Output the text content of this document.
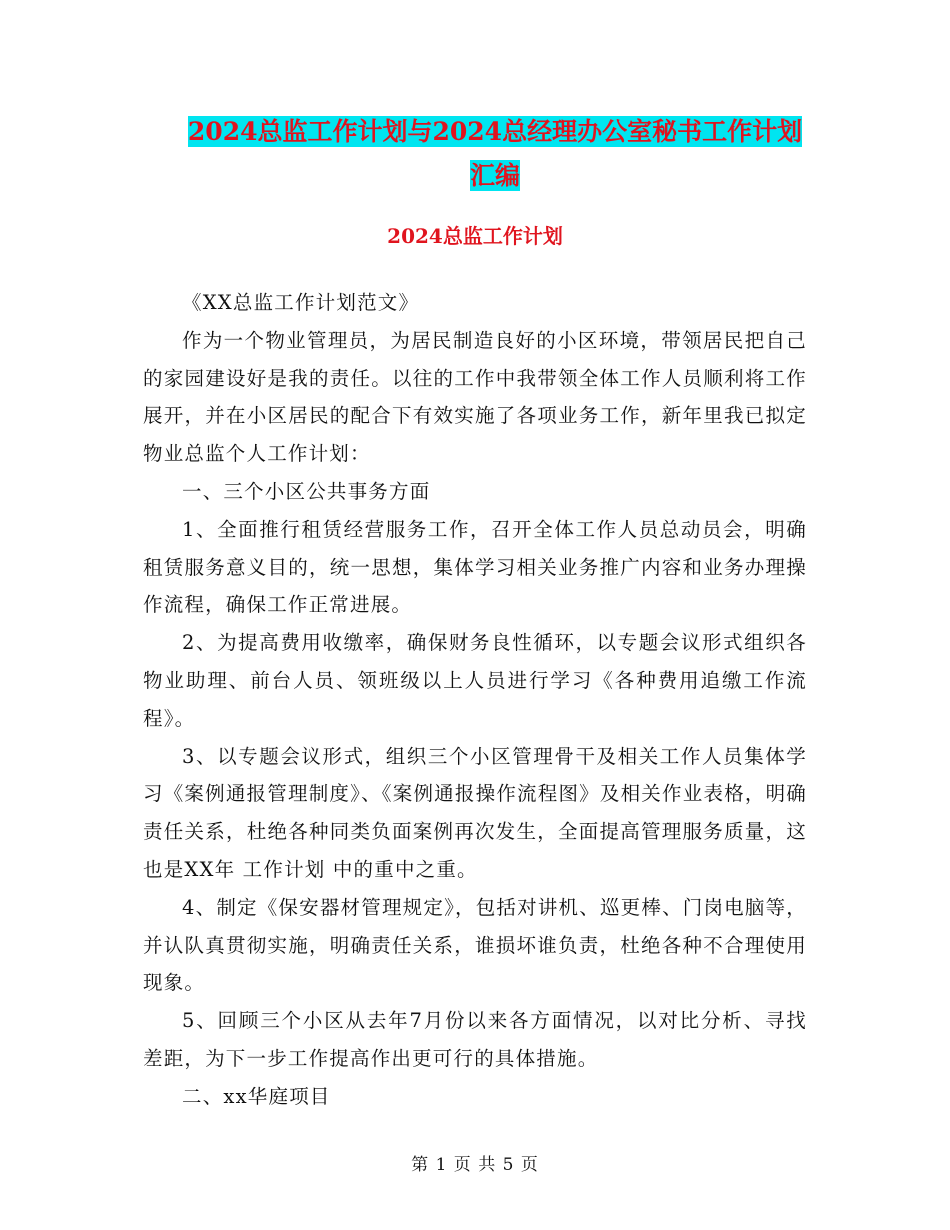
2024总监工作计划与2024总经理办公室秘书工作计划
汇编
2024总监工作计划

《XX总监工作计划范文》

作为一个物业管理员，为居民制造良好的小区环境，带领居民把自己的家园建设好是我的责任。以往的工作中我带领全体工作人员顺利将工作展开，并在小区居民的配合下有效实施了各项业务工作，新年里我已拟定物业总监个人工作计划：

一、三个小区公共事务方面

1、全面推行租赁经营服务工作，召开全体工作人员总动员会，明确租赁服务意义目的，统一思想，集体学习相关业务推广内容和业务办理操作流程，确保工作正常进展。

2、为提高费用收缴率，确保财务良性循环，以专题会议形式组织各物业助理、前台人员、领班级以上人员进行学习《各种费用追缴工作流程》。

3、以专题会议形式，组织三个小区管理骨干及相关工作人员集体学习《案例通报管理制度》、《案例通报操作流程图》及相关作业表格，明确责任关系，杜绝各种同类负面案例再次发生，全面提高管理服务质量，这也是XX年 工作计划 中的重中之重。

4、制定《保安器材管理规定》，包括对讲机、巡更棒、门岗电脑等，并认队真贯彻实施，明确责任关系，谁损坏谁负责，杜绝各种不合理使用现象。

5、回顾三个小区从去年7月份以来各方面情况，以对比分析、寻找差距，为下一步工作提高作出更可行的具体措施。

二、xx华庭项目

第 1 页 共 5 页
